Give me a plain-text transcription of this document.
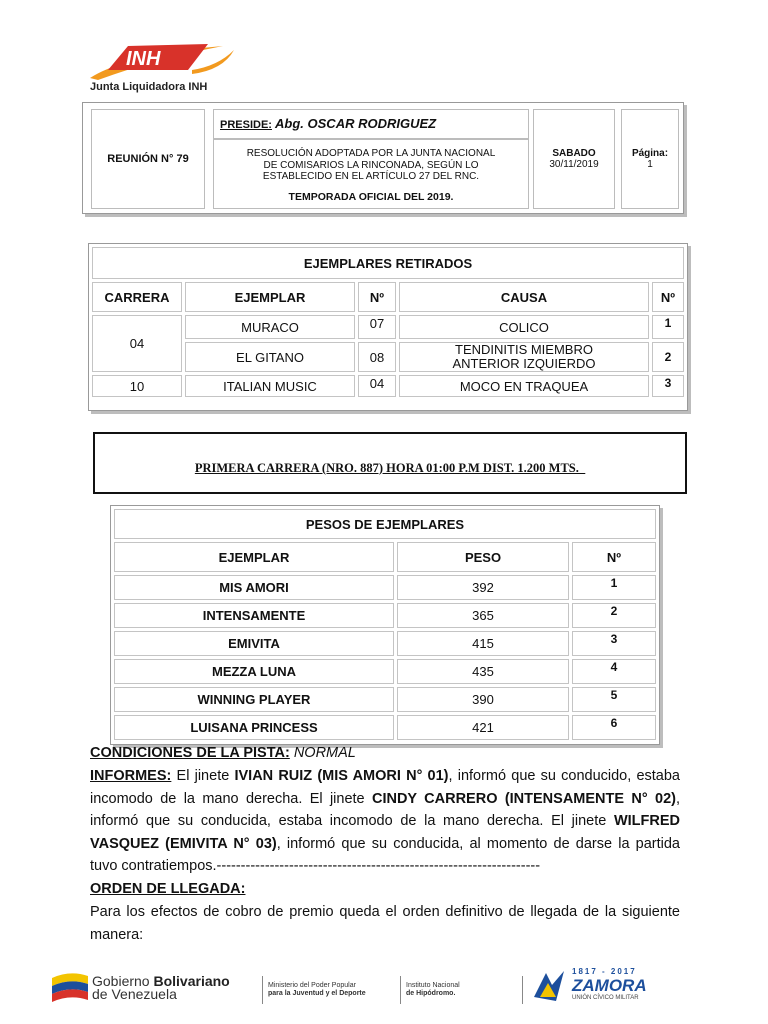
INH
Junta Liquidadora INH
REUNIÓN N° 79
PRESIDE: Abg. OSCAR RODRIGUEZ
RESOLUCIÓN ADOPTADA POR LA JUNTA NACIONAL
DE COMISARIOS LA RINCONADA, SEGÚN LO
ESTABLECIDO EN EL ARTÍCULO 27 DEL RNC.
TEMPORADA OFICIAL DEL 2019.
SABADO
30/11/2019
Página:
1
EJEMPLARES RETIRADOS				
CARRERA	EJEMPLAR	Nº	CAUSA	Nº
04	MURACO	07	COLICO	1
	EL GITANO	08	TENDINITIS MIEMBRO
ANTERIOR IZQUIERDO	2
10	ITALIAN MUSIC	04	MOCO EN TRAQUEA	3
PRIMERA CARRERA (NRO. 887) HORA 01:00 P.M DIST. 1.200 MTS._
PESOS DE EJEMPLARES		
EJEMPLAR	PESO	Nº
MIS AMORI	392	1
INTENSAMENTE	365	2
EMIVITA	415	3
MEZZA LUNA	435	4
WINNING PLAYER	390	5
LUISANA PRINCESS	421	6
CONDICIONES DE LA PISTA: NORMAL
INFORMES: El jinete IVIAN RUIZ (MIS AMORI N° 01), informó que su conducido, estaba incomodo de la mano derecha. El jinete CINDY CARRERO (INTENSAMENTE N° 02), informó que su conducida, estaba incomodo de la mano derecha. El jinete WILFRED VASQUEZ (EMIVITA N° 03), informó que su conducida, al momento de darse la partida tuvo contratiempos.-------------------------------------------------------------------
ORDEN DE LLEGADA:
Para los efectos de cobro de premio queda el orden definitivo de llegada de la siguiente manera:
Gobierno Bolivariano
de Venezuela
Ministerio del Poder Popular
para la Juventud y el Deporte
Instituto Nacional
de Hipódromo.
1817 - 2017
ZAMORA
UNIÓN CÍVICO MILITAR
